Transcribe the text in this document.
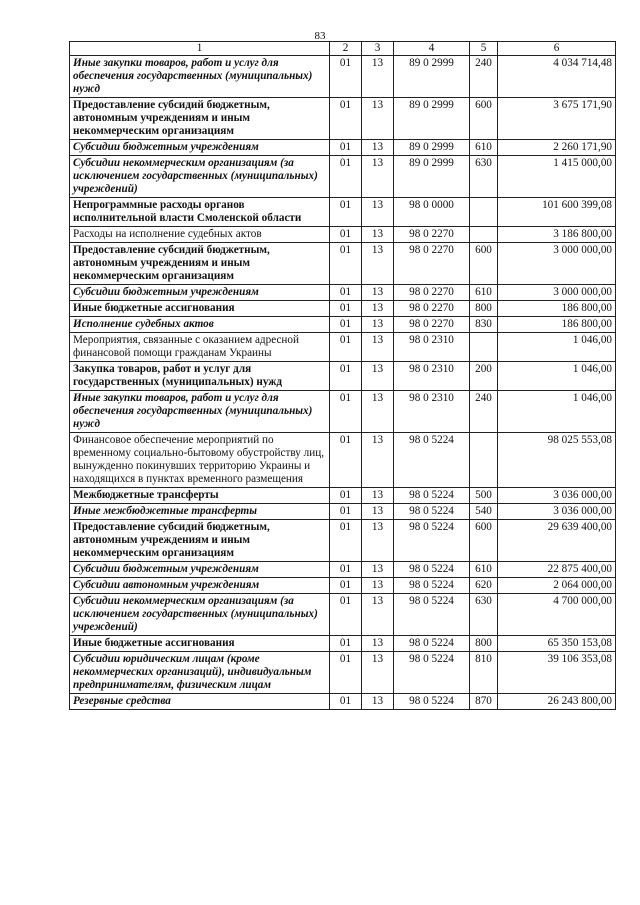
83
1	2	3	4	5	6
Иные закупки товаров, работ и услуг для обеспечения государственных (муниципальных) нужд	01	13	89 0 2999	240	4 034 714,48
Предоставление субсидий бюджетным, автономным учреждениям и иным некоммерческим организациям	01	13	89 0 2999	600	3 675 171,90
Субсидии бюджетным учреждениям	01	13	89 0 2999	610	2 260 171,90
Субсидии некоммерческим организациям (за исключением государственных (муниципальных) учреждений)	01	13	89 0 2999	630	1 415 000,00
Непрограммные расходы органов исполнительной власти Смоленской области	01	13	98 0 0000		101 600 399,08
Расходы на исполнение судебных актов	01	13	98 0 2270		3 186 800,00
Предоставление субсидий бюджетным, автономным учреждениям и иным некоммерческим организациям	01	13	98 0 2270	600	3 000 000,00
Субсидии бюджетным учреждениям	01	13	98 0 2270	610	3 000 000,00
Иные бюджетные ассигнования	01	13	98 0 2270	800	186 800,00
Исполнение судебных актов	01	13	98 0 2270	830	186 800,00
Мероприятия, связанные с оказанием адресной финансовой помощи гражданам Украины	01	13	98 0 2310		1 046,00
Закупка товаров, работ и услуг для государственных (муниципальных) нужд	01	13	98 0 2310	200	1 046,00
Иные закупки товаров, работ и услуг для обеспечения государственных (муниципальных) нужд	01	13	98 0 2310	240	1 046,00
Финансовое обеспечение мероприятий по временному социально-бытовому обустройству лиц, вынужденно покинувших территорию Украины и находящихся в пунктах временного размещения	01	13	98 0 5224		98 025 553,08
Межбюджетные трансферты	01	13	98 0 5224	500	3 036 000,00
Иные межбюджетные трансферты	01	13	98 0 5224	540	3 036 000,00
Предоставление субсидий бюджетным, автономным учреждениям и иным некоммерческим организациям	01	13	98 0 5224	600	29 639 400,00
Субсидии бюджетным учреждениям	01	13	98 0 5224	610	22 875 400,00
Субсидии автономным учреждениям	01	13	98 0 5224	620	2 064 000,00
Субсидии некоммерческим организациям (за исключением государственных (муниципальных) учреждений)	01	13	98 0 5224	630	4 700 000,00
Иные бюджетные ассигнования	01	13	98 0 5224	800	65 350 153,08
Субсидии юридическим лицам (кроме некоммерческих организаций), индивидуальным предпринимателям, физическим лицам	01	13	98 0 5224	810	39 106 353,08
Резервные средства	01	13	98 0 5224	870	26 243 800,00
